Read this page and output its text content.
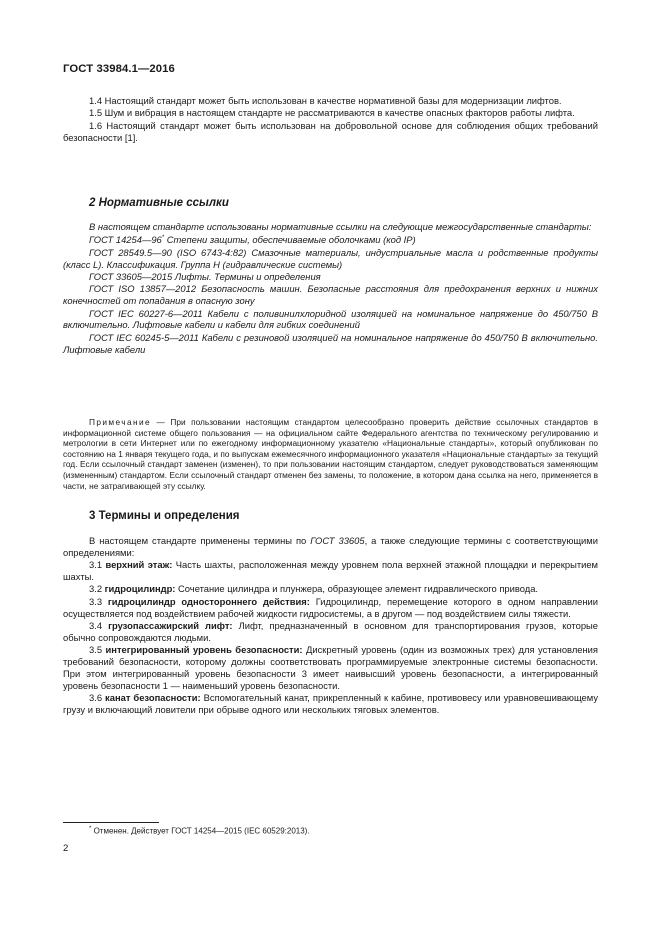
ГОСТ 33984.1—2016

1.4 Настоящий стандарт может быть использован в качестве нормативной базы для модернизации лифтов.

1.5 Шум и вибрация в настоящем стандарте не рассматриваются в качестве опасных факторов работы лифта.

1.6 Настоящий стандарт может быть использован на добровольной основе для соблюдения общих требований безопасности [1].

2 Нормативные ссылки

В настоящем стандарте использованы нормативные ссылки на следующие межгосударственные стандарты:

ГОСТ 14254—96* Степени защиты, обеспечиваемые оболочками (код IP)

ГОСТ 28549.5—90 (ISO 6743-4:82) Смазочные материалы, индустриальные масла и родственные продукты (класс L). Классификация. Группа H (гидравлические системы)

ГОСТ 33605—2015 Лифты. Термины и определения

ГОСТ ISO 13857—2012 Безопасность машин. Безопасные расстояния для предохранения верхних и нижних конечностей от попадания в опасную зону

ГОСТ IEC 60227-6—2011 Кабели с поливинилхлоридной изоляцией на номинальное напряжение до 450/750 В включительно. Лифтовые кабели и кабели для гибких соединений

ГОСТ IEC 60245-5—2011 Кабели с резиновой изоляцией на номинальное напряжение до 450/750 В включительно. Лифтовые кабели

Примечание — При пользовании настоящим стандартом целесообразно проверить действие ссылочных стандартов в информационной системе общего пользования — на официальном сайте Федерального агентства по техническому регулированию и метрологии в сети Интернет или по ежегодному информационному указателю «Национальные стандарты», который опубликован по состоянию на 1 января текущего года, и по выпускам ежемесячного информационного указателя «Национальные стандарты» за текущий год. Если ссылочный стандарт заменен (изменен), то при пользовании настоящим стандартом, следует руководствоваться заменяющим (измененным) стандартом. Если ссылочный стандарт отменен без замены, то положение, в котором дана ссылка на него, применяется в части, не затрагивающей эту ссылку.

3 Термины и определения

В настоящем стандарте применены термины по ГОСТ 33605, а также следующие термины с соответствующими определениями:

3.1 верхний этаж: Часть шахты, расположенная между уровнем пола верхней этажной площадки и перекрытием шахты.

3.2 гидроцилиндр: Сочетание цилиндра и плунжера, образующее элемент гидравлического привода.

3.3 гидроцилиндр одностороннего действия: Гидроцилиндр, перемещение которого в одном направлении осуществляется под воздействием рабочей жидкости гидросистемы, а в другом — под воздействием силы тяжести.

3.4 грузопассажирский лифт: Лифт, предназначенный в основном для транспортирования грузов, которые обычно сопровождаются людьми.

3.5 интегрированный уровень безопасности: Дискретный уровень (один из возможных трех) для установления требований безопасности, которому должны соответствовать программируемые электронные системы безопасности. При этом интегрированный уровень безопасности 3 имеет наивысший уровень безопасности, а интегрированный уровень безопасности 1 — наименьший уровень безопасности.

3.6 канат безопасности: Вспомогательный канат, прикрепленный к кабине, противовесу или уравновешивающему грузу и включающий ловители при обрыве одного или нескольких тяговых элементов.

* Отменен. Действует ГОСТ 14254—2015 (IEC 60529:2013).
2
